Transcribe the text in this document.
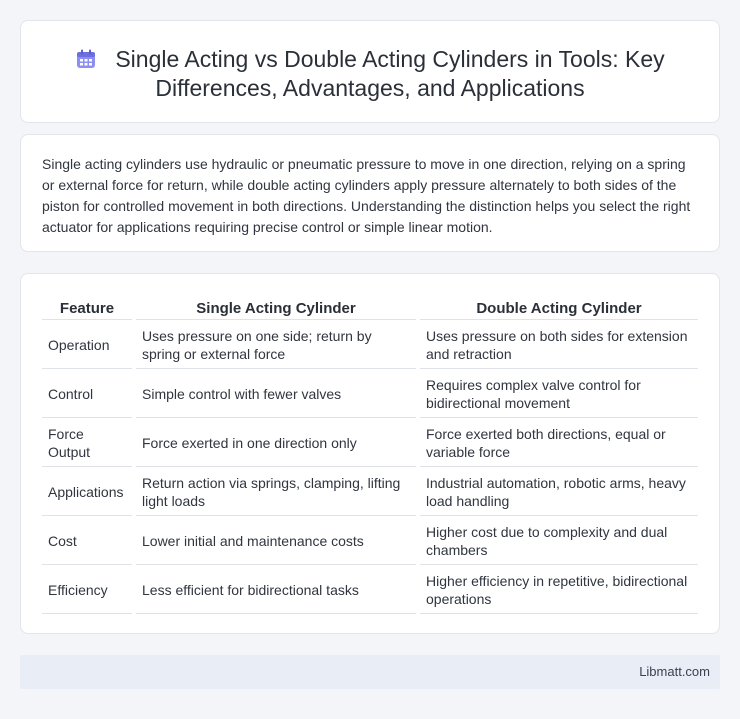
Single Acting vs Double Acting Cylinders in Tools: Key Differences, Advantages, and Applications

Single acting cylinders use hydraulic or pneumatic pressure to move in one direction, relying on a spring or external force for return, while double acting cylinders apply pressure alternately to both sides of the piston for controlled movement in both directions. Understanding the distinction helps you select the right actuator for applications requiring precise control or simple linear motion.

Feature	Single Acting Cylinder	Double Acting Cylinder
Operation	Uses pressure on one side; return by spring or external force	Uses pressure on both sides for extension and retraction
Control	Simple control with fewer valves	Requires complex valve control for bidirectional movement
Force Output	Force exerted in one direction only	Force exerted both directions, equal or variable force
Applications	Return action via springs, clamping, lifting light loads	Industrial automation, robotic arms, heavy load handling
Cost	Lower initial and maintenance costs	Higher cost due to complexity and dual chambers
Efficiency	Less efficient for bidirectional tasks	Higher efficiency in repetitive, bidirectional operations
Libmatt.com
